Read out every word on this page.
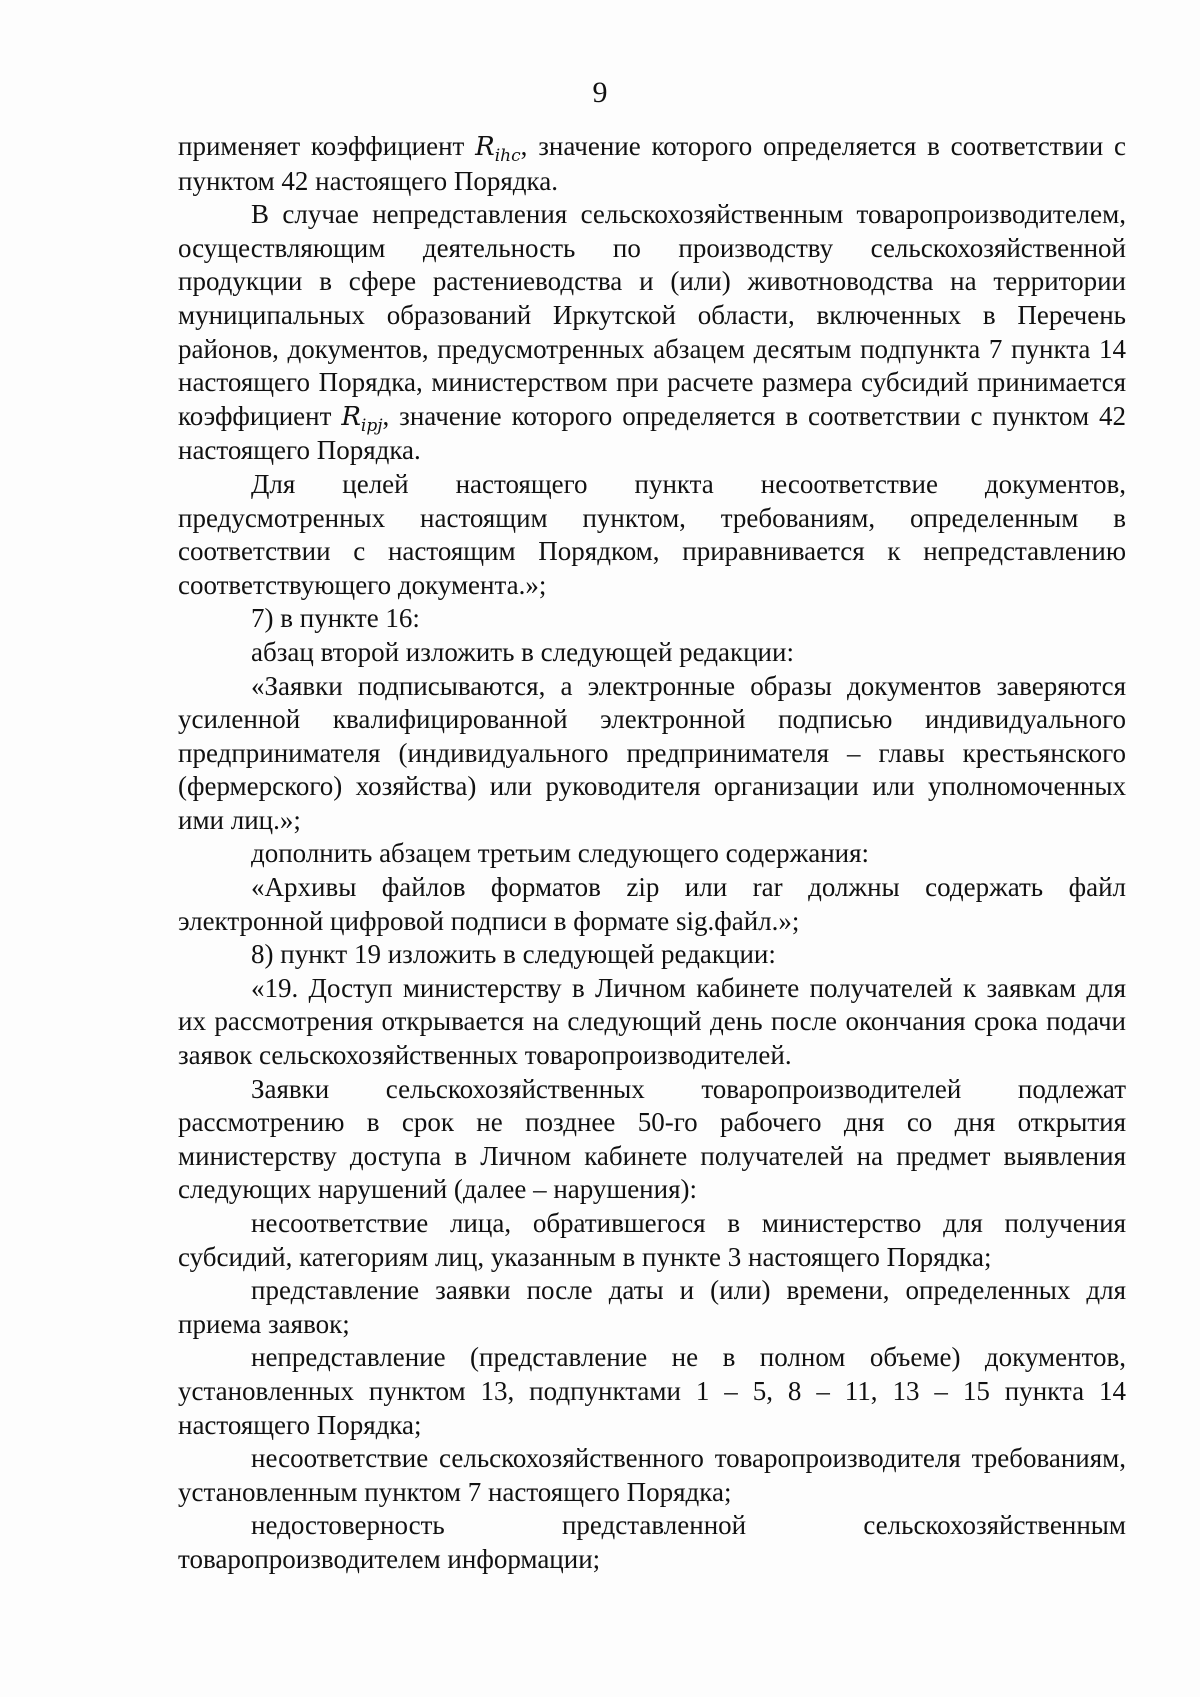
9

применяет коэффициент $R_{ihc}$, значение которого определяется в соответствии с пунктом 42 настоящего Порядка.

В случае непредставления сельскохозяйственным товаропроизводителем, осуществляющим деятельность по производству сельскохозяйственной продукции в сфере растениеводства и (или) животноводства на территории муниципальных образований Иркутской области, включенных в Перечень районов, документов, предусмотренных абзацем десятым подпункта 7 пункта 14 настоящего Порядка, министерством при расчете размера субсидий принимается коэффициент $R_{ipj}$, значение которого определяется в соответствии с пунктом 42 настоящего Порядка.

Для целей настоящего пункта несоответствие документов, предусмотренных настоящим пунктом, требованиям, определенным в соответствии с настоящим Порядком, приравнивается к непредставлению соответствующего документа.»;

7) в пункте 16:

абзац второй изложить в следующей редакции:

«Заявки подписываются, а электронные образы документов заверяются усиленной квалифицированной электронной подписью индивидуального предпринимателя (индивидуального предпринимателя – главы крестьянского (фермерского) хозяйства) или руководителя организации или уполномоченных ими лиц.»;

дополнить абзацем третьим следующего содержания:

«Архивы файлов форматов zip или rar должны содержать файл электронной цифровой подписи в формате sig.файл.»;

8) пункт 19 изложить в следующей редакции:

«19. Доступ министерству в Личном кабинете получателей к заявкам для их рассмотрения открывается на следующий день после окончания срока подачи заявок сельскохозяйственных товаропроизводителей.

Заявки сельскохозяйственных товаропроизводителей подлежат рассмотрению в срок не позднее 50-го рабочего дня со дня открытия министерству доступа в Личном кабинете получателей на предмет выявления следующих нарушений (далее – нарушения):

несоответствие лица, обратившегося в министерство для получения субсидий, категориям лиц, указанным в пункте 3 настоящего Порядка;

представление заявки после даты и (или) времени, определенных для приема заявок;

непредставление (представление не в полном объеме) документов, установленных пунктом 13, подпунктами 1 – 5, 8 – 11, 13 – 15 пункта 14 настоящего Порядка;

несоответствие сельскохозяйственного товаропроизводителя требованиям, установленным пунктом 7 настоящего Порядка;

недостоверность представленной сельскохозяйственным товаропроизводителем информации;
